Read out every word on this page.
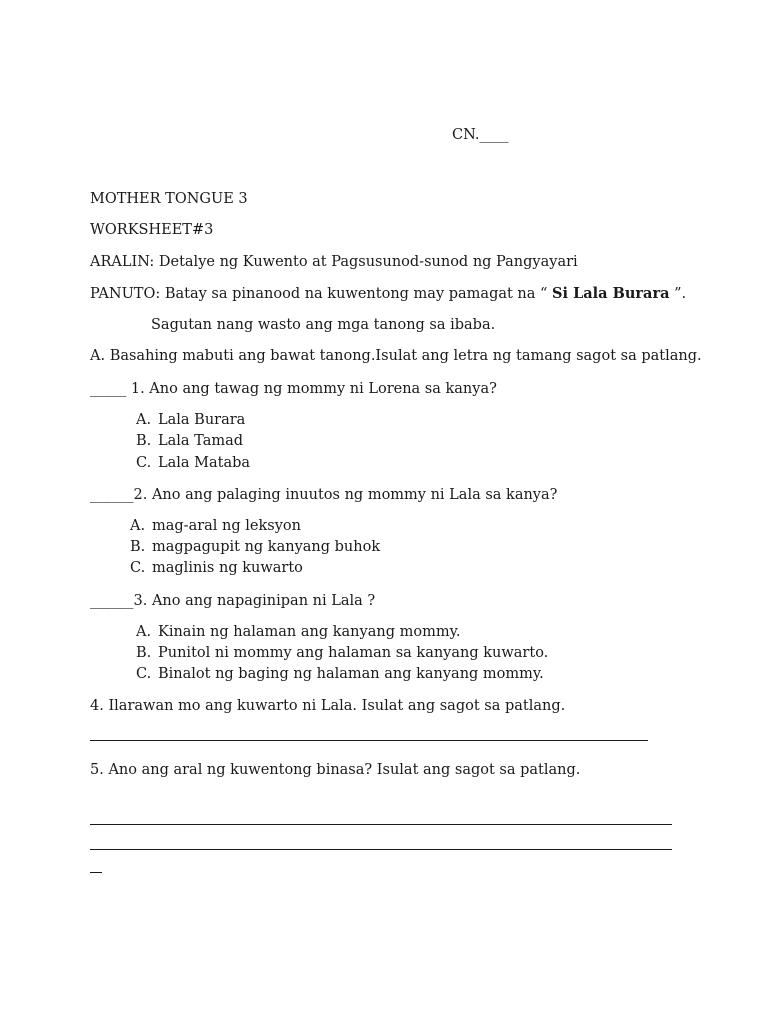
CN.____
MOTHER TONGUE 3
WORKSHEET#3
ARALIN: Detalye ng Kuwento at Pagsusunod-sunod ng Pangyayari
PANUTO: Batay sa pinanood na kuwentong may pamagat na “ Si Lala Burara ”.
Sagutan nang wasto ang mga tanong sa ibaba.
A. Basahing mabuti ang bawat tanong.Isulat ang letra ng tamang sagot sa patlang.
_____ 1. Ano ang tawag ng mommy ni Lorena sa kanya?
A. Lala Burara
B. Lala Tamad
C. Lala Mataba
______2. Ano ang palaging inuutos ng mommy ni Lala sa kanya?
A. mag-aral ng leksyon
B. magpagupit ng kanyang buhok
C. maglinis ng kuwarto
______3. Ano ang napaginipan ni Lala ?
A. Kinain ng halaman ang kanyang mommy.
B. Punitol ni mommy ang halaman sa kanyang kuwarto.
C. Binalot ng baging ng halaman ang kanyang mommy.
4. Ilarawan mo ang kuwarto ni Lala. Isulat ang sagot sa patlang.
5. Ano ang aral ng kuwentong binasa? Isulat ang sagot sa patlang.
